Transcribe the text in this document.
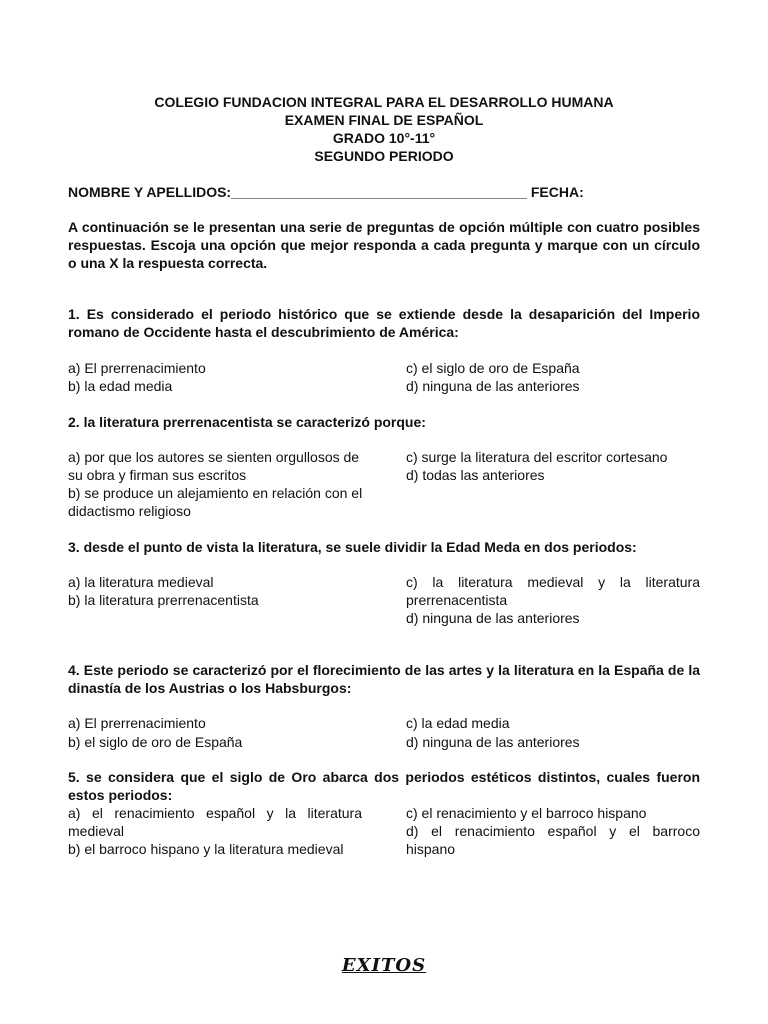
COLEGIO FUNDACION INTEGRAL PARA EL DESARROLLO HUMANA
EXAMEN FINAL DE ESPAÑOL
GRADO 10°-11°
SEGUNDO PERIODO
NOMBRE Y APELLIDOS:______________________________________ FECHA:
A continuación se le presentan una serie de preguntas de opción múltiple con cuatro posibles respuestas. Escoja una opción que mejor responda a cada pregunta y marque con un círculo o una X la respuesta correcta.
1. Es considerado el periodo histórico que se extiende desde la desaparición del Imperio romano de Occidente hasta el descubrimiento de América:
a) El prerrenacimiento
b) la edad media
c) el siglo de oro de España
d) ninguna de las anteriores
2. la literatura prerrenacentista se caracterizó porque:
a) por que los autores se sienten orgullosos de su obra y firman sus escritos
b) se produce un alejamiento en relación con el didactismo religioso
c) surge la literatura del escritor cortesano
d) todas las anteriores
3. desde el punto de vista la literatura, se suele dividir la Edad Meda en dos periodos:
a) la literatura medieval
b) la literatura prerrenacentista
c) la literatura medieval y la literatura prerrenacentista
d) ninguna de las anteriores
4. Este periodo se caracterizó por el florecimiento de las artes y la literatura en la España de la dinastía de los Austrias o los Habsburgos:
a) El prerrenacimiento
b) el siglo de oro de España
c) la edad media
d) ninguna de las anteriores
5. se considera que el siglo de Oro abarca dos periodos estéticos distintos, cuales fueron estos periodos:
a) el renacimiento español y la literatura medieval
b) el barroco hispano y la literatura medieval
c) el renacimiento y el barroco hispano
d) el renacimiento español y el barroco hispano
EXITOS
